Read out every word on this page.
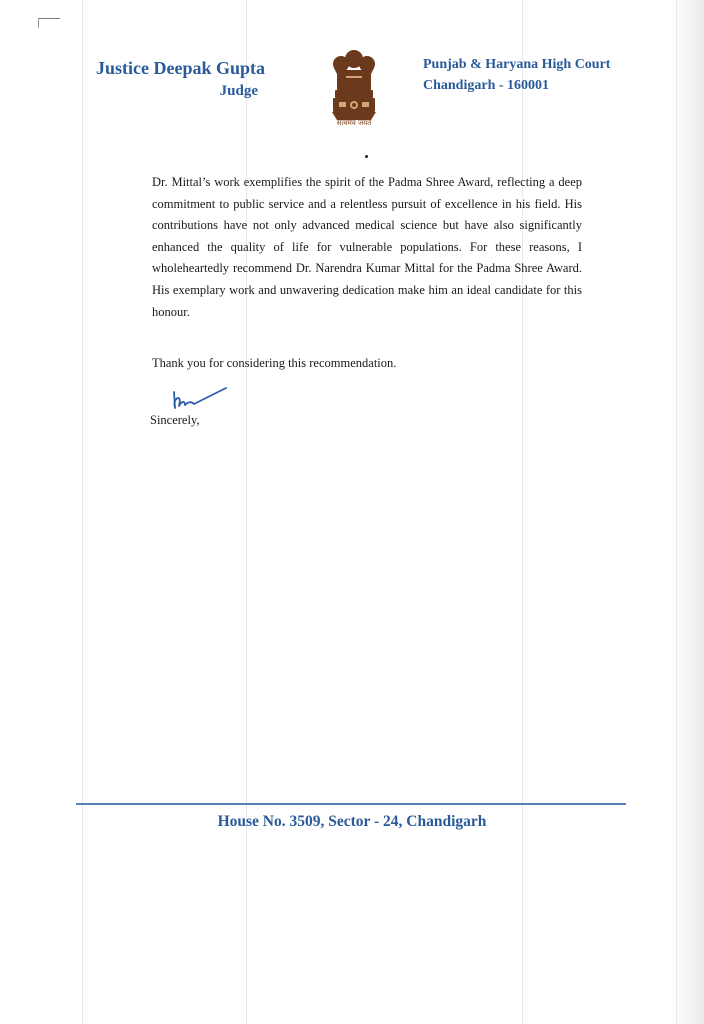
Justice Deepak Gupta
Judge
सत्यमेव जयते
Punjab & Haryana High Court
Chandigarh - 160001

Dr. Mittal’s work exemplifies the spirit of the Padma Shree Award, reflecting a deep commitment to public service and a relentless pursuit of excellence in his field. His contributions have not only advanced medical science but have also significantly enhanced the quality of life for vulnerable populations. For these reasons, I wholeheartedly recommend Dr. Narendra Kumar Mittal for the Padma Shree Award. His exemplary work and unwavering dedication make him an ideal candidate for this honour.

Thank you for considering this recommendation.

Sincerely,

House No. 3509, Sector - 24, Chandigarh
